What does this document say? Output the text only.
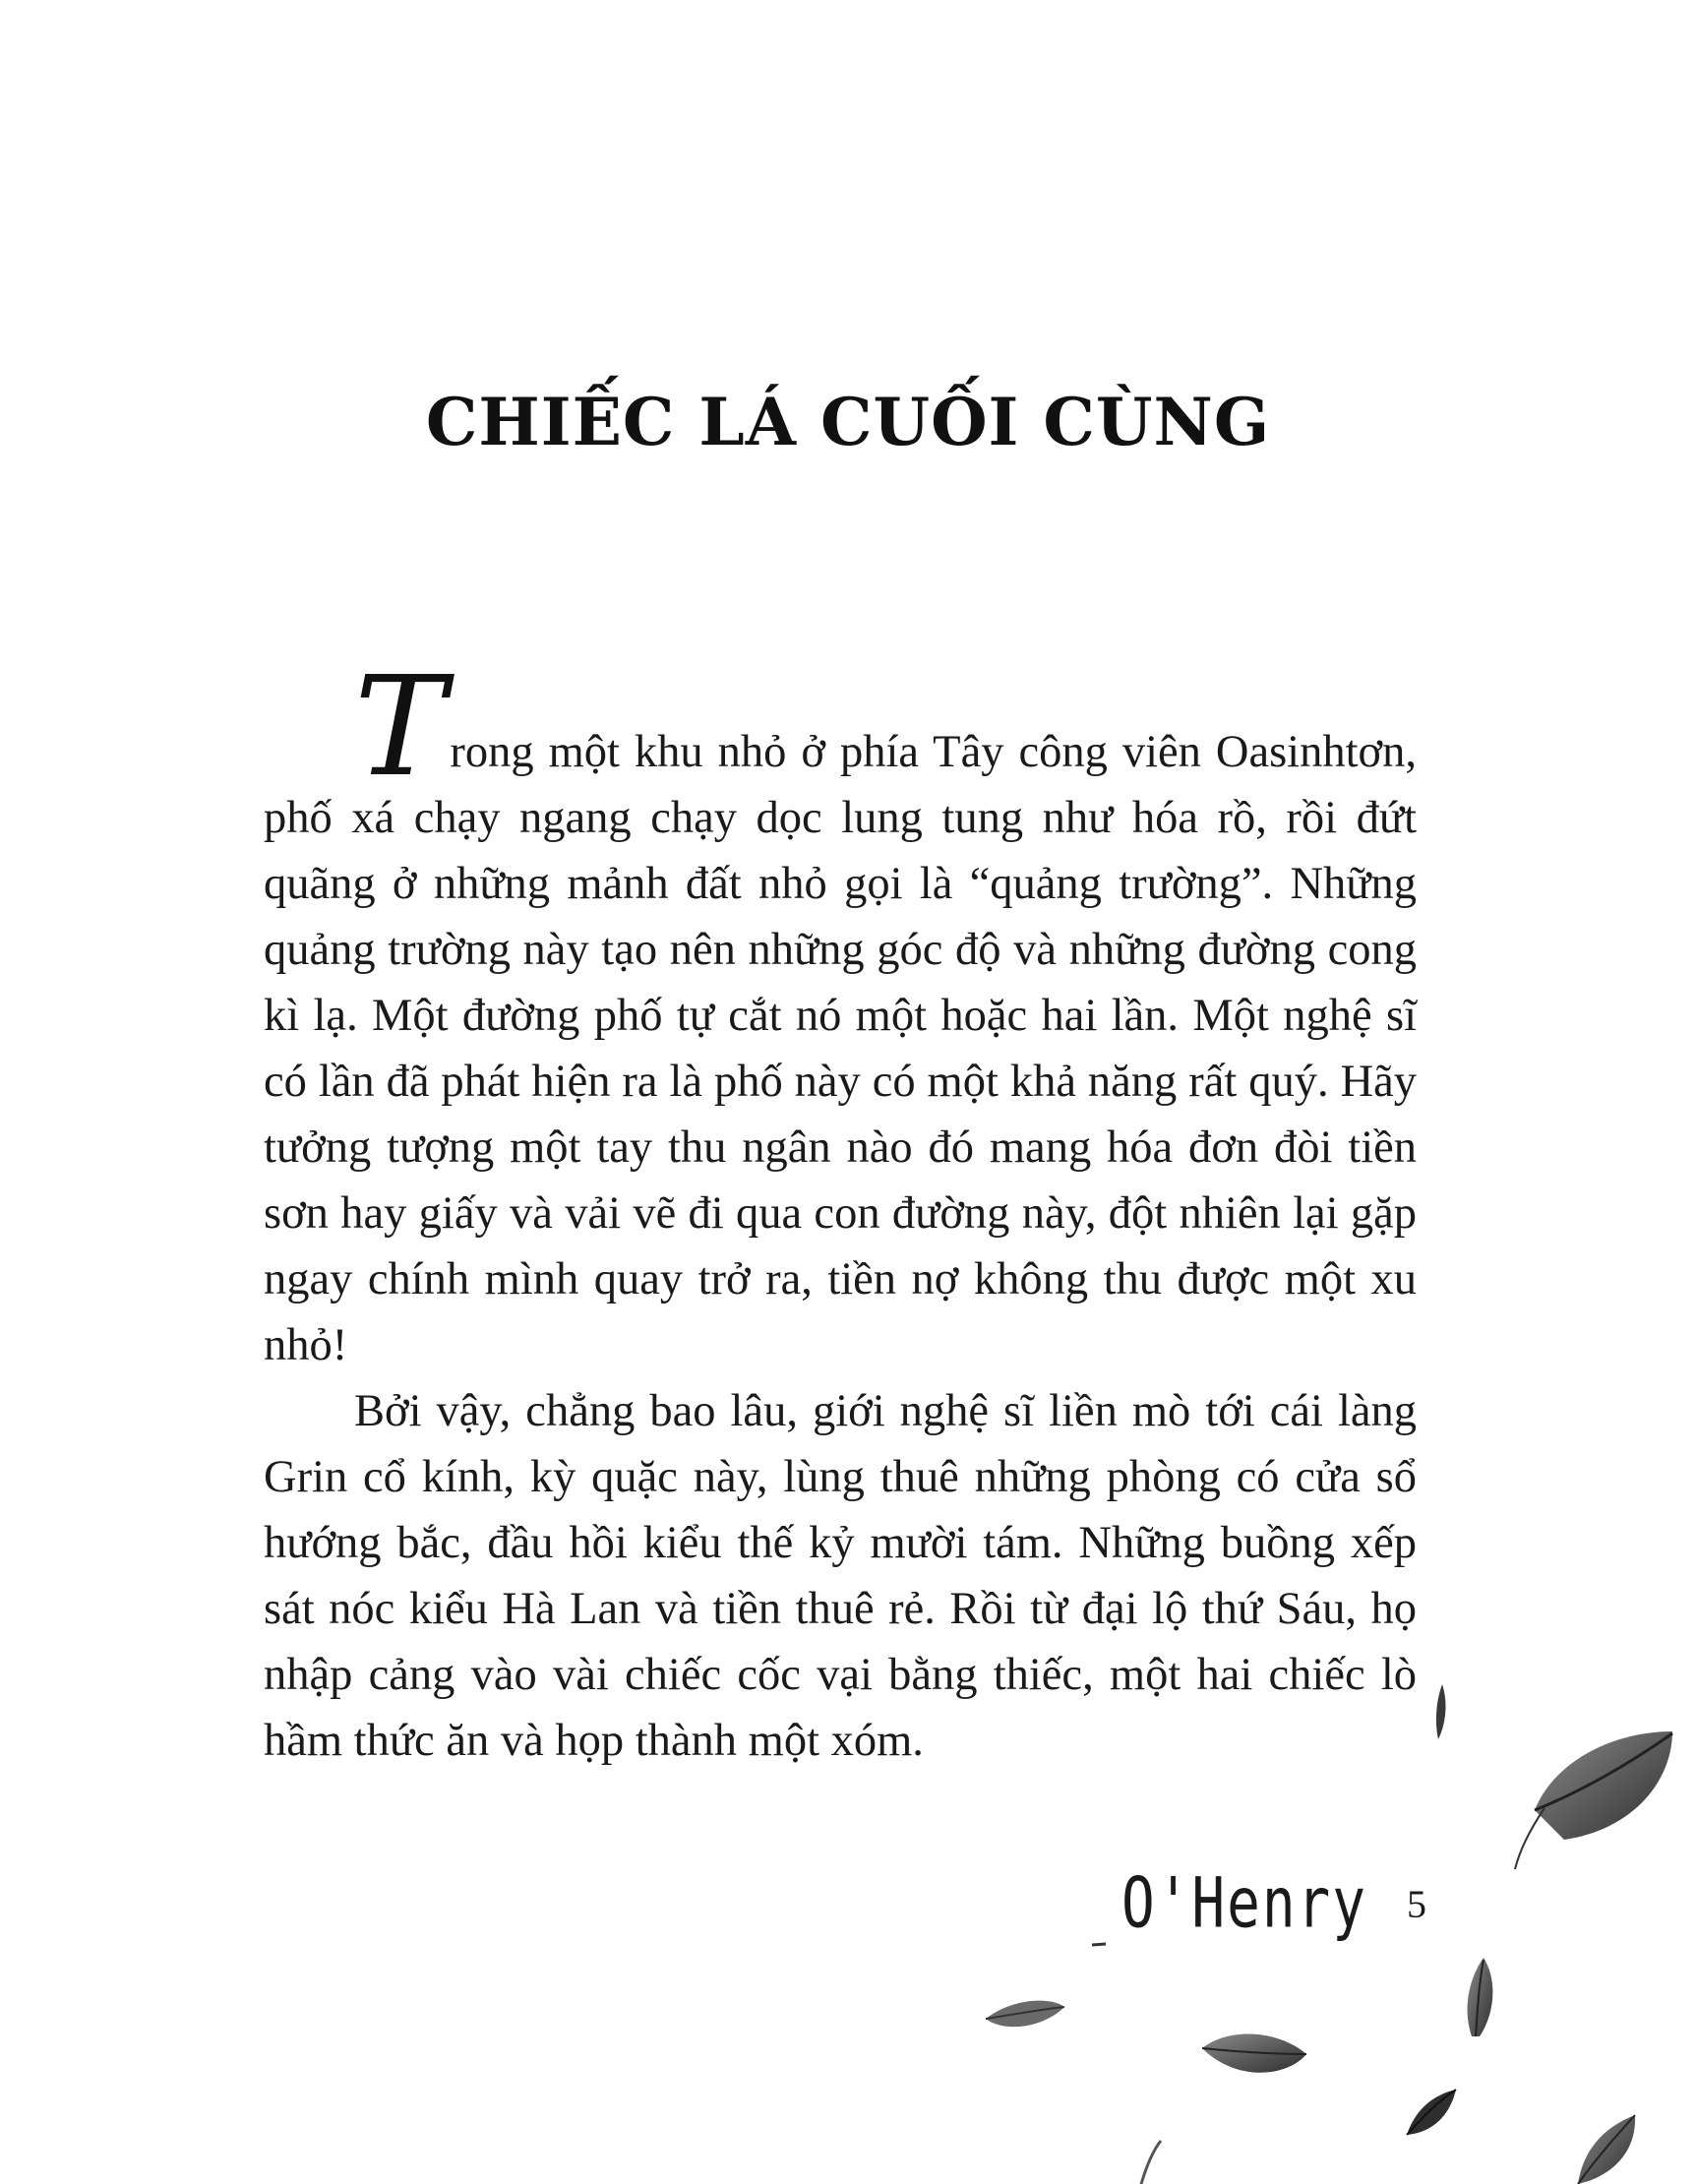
CHIẾC LÁ CUỐI CÙNG

Trong một khu nhỏ ở phía Tây công viên Oasinhtơn, phố xá chạy ngang chạy dọc lung tung như hóa rồ, rồi đứt quãng ở những mảnh đất nhỏ gọi là “quảng trường”. Những quảng trường này tạo nên những góc độ và những đường cong kì lạ. Một đường phố tự cắt nó một hoặc hai lần. Một nghệ sĩ có lần đã phát hiện ra là phố này có một khả năng rất quý. Hãy tưởng tượng một tay thu ngân nào đó mang hóa đơn đòi tiền sơn hay giấy và vải vẽ đi qua con đường này, đột nhiên lại gặp ngay chính mình quay trở ra, tiền nợ không thu được một xu nhỏ!

Bởi vậy, chẳng bao lâu, giới nghệ sĩ liền mò tới cái làng Grin cổ kính, kỳ quặc này, lùng thuê những phòng có cửa sổ hướng bắc, đầu hồi kiểu thế kỷ mười tám. Những buồng xếp sát nóc kiểu Hà Lan và tiền thuê rẻ. Rồi từ đại lộ thứ Sáu, họ nhập cảng vào vài chiếc cốc vại bằng thiếc, một hai chiếc lò hầm thức ăn và họp thành một xóm.

O'Henry 5
